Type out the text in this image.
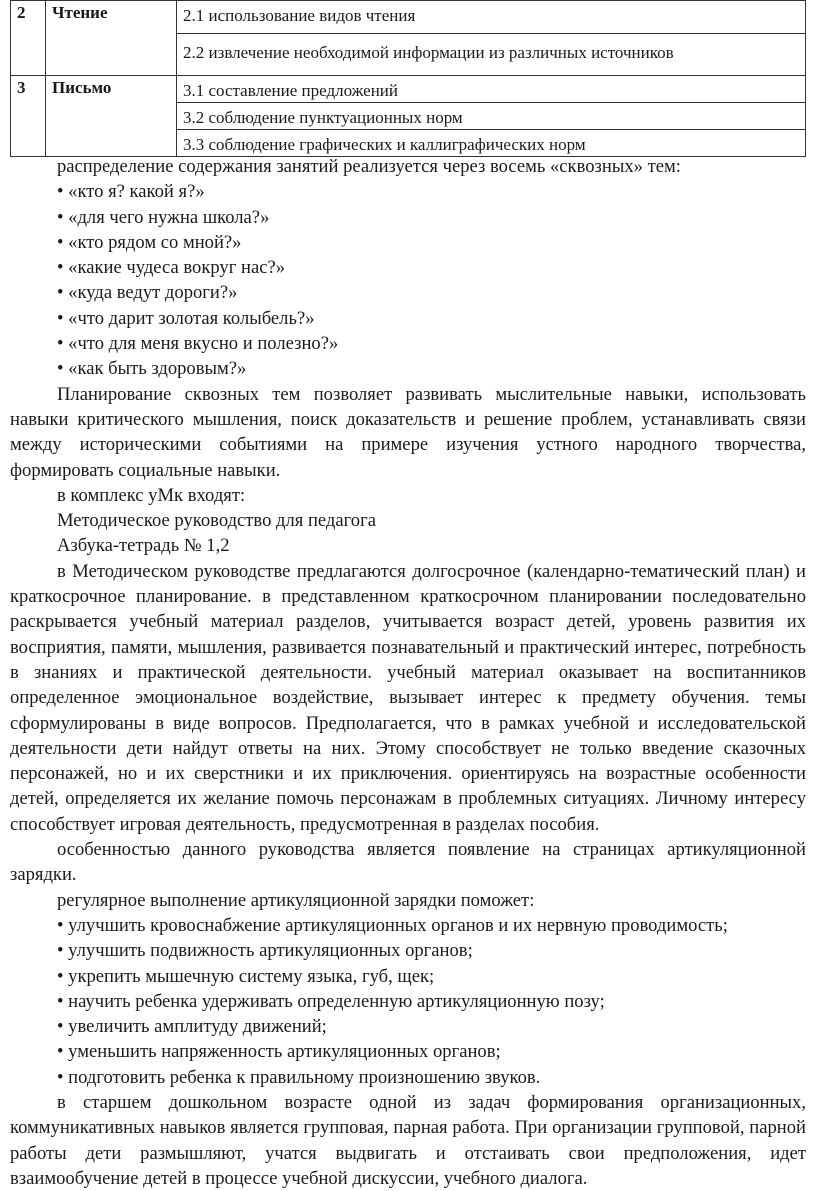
2	Чтение	2.1 использование видов чтения
		2.2 извлечение необходимой информации из различных источников
3	Письмо	3.1 составление предложений
		3.2 соблюдение пунктуационных норм
		3.3 соблюдение графических и каллиграфических норм

распределение содержания занятий реализуется через восемь «сквозных» тем:

• «кто я? какой я?»

• «для чего нужна школа?»

• «кто рядом со мной?»

• «какие чудеса вокруг нас?»

• «куда ведут дороги?»

• «что дарит золотая колыбель?»

• «что для меня вкусно и полезно?»

• «как быть здоровым?»

Планирование сквозных тем позволяет развивать мыслительные навыки, использовать навыки критического мышления, поиск доказательств и решение проблем, устанавливать связи между историческими событиями на примере изучения устного народного творчества, формировать социальные навыки.

в комплекс уМк входят:

Методическое руководство для педагога

Азбука-тетрадь № 1,2

в Методическом руководстве предлагаются долгосрочное (календарно-тематический план) и краткосрочное планирование. в представленном краткосрочном планировании последовательно раскрывается учебный материал разделов, учитывается возраст детей, уровень развития их восприятия, памяти, мышления, развивается познавательный и практический интерес, потребность в знаниях и практической деятельности. учебный материал оказывает на воспитанников определенное эмоциональное воздействие, вызывает интерес к предмету обучения. темы сформулированы в виде вопросов. Предполагается, что в рамках учебной и исследовательской деятельности дети найдут ответы на них. Этому способствует не только введение сказочных персонажей, но и их сверстники и их приключения. ориентируясь на возрастные особенности детей, определяется их желание помочь персонажам в проблемных ситуациях. Личному интересу способствует игровая деятельность, предусмотренная в разделах пособия.

особенностью данного руководства является появление на страницах артикуляционной зарядки.

регулярное выполнение артикуляционной зарядки поможет:

• улучшить кровоснабжение артикуляционных органов и их нервную проводимость;

• улучшить подвижность артикуляционных органов;

• укрепить мышечную систему языка, губ, щек;

• научить ребенка удерживать определенную артикуляционную позу;

• увеличить амплитуду движений;

• уменьшить напряженность артикуляционных органов;

• подготовить ребенка к правильному произношению звуков.

в старшем дошкольном возрасте одной из задач формирования организационных, коммуникативных навыков является групповая, парная работа. При организации групповой, парной работы дети размышляют, учатся выдвигать и отстаивать свои предположения, идет взаимообучение детей в процессе учебной дискуссии, учебного диалога.
